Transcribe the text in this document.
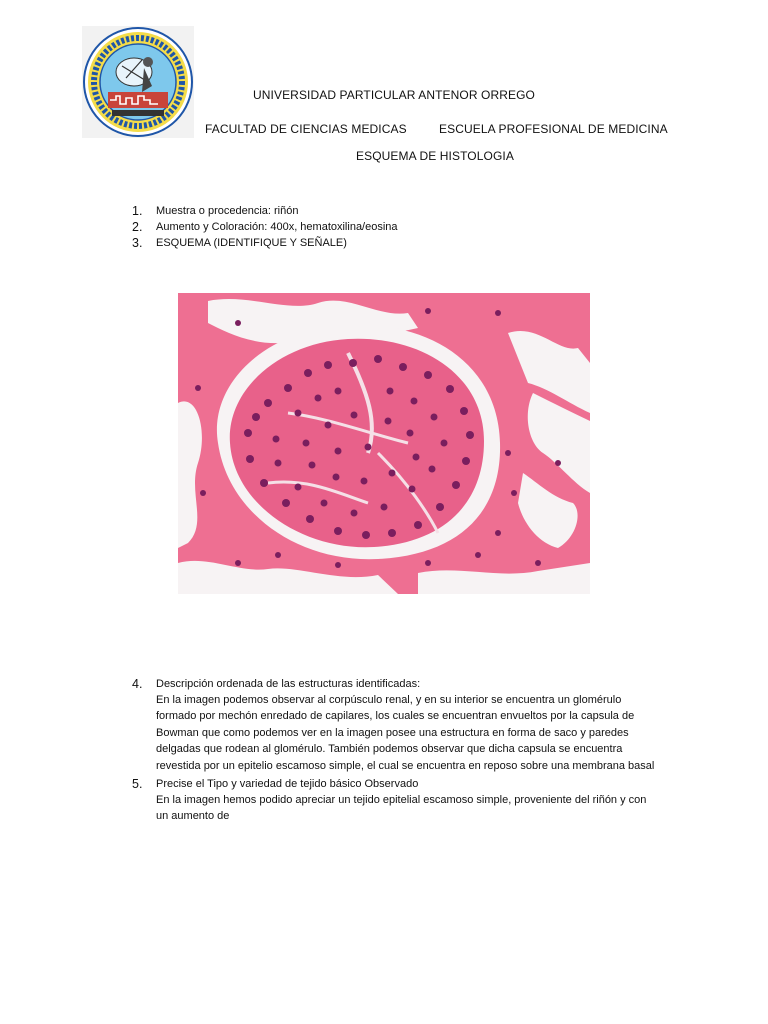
UNIVERSIDAD PARTICULAR ANTENOR ORREGO
FACULTAD DE CIENCIAS MEDICAS	ESCUELA PROFESIONAL DE MEDICINA
ESQUEMA DE HISTOLOGIA
1.	Muestra o procedencia: riñón
2.	Aumento y Coloración: 400x, hematoxilina/eosina
3.	ESQUEMA (IDENTIFIQUE Y SEÑALE)
4.	Descripción ordenada de las estructuras identificadas:
En la imagen podemos observar al corpúsculo renal, y en su interior se encuentra un glomérulo formado por mechón enredado de capilares, los cuales se encuentran envueltos por la capsula de Bowman que como podemos ver en la imagen posee una estructura en forma de saco y paredes delgadas que rodean al glomérulo. También podemos observar que dicha capsula se encuentra revestida por un epitelio escamoso simple, el cual se encuentra en reposo sobre una membrana basal
5.	Precise el Tipo y variedad de tejido básico Observado
En la imagen hemos podido apreciar un tejido epitelial escamoso simple, proveniente del riñón y con un aumento de
